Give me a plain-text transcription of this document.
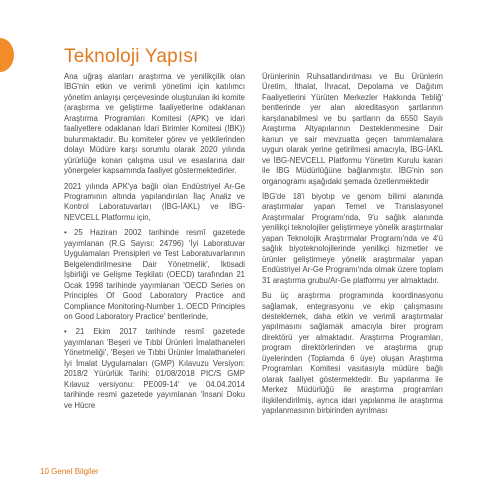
Teknoloji Yapısı

Ana uğraş alanları araştırma ve yenilikçilik olan İBG'nin etkin ve verimli yönetimi için katılımcı yönetim anlayışı çerçevesinde oluşturulan iki komite (araştırma ve geliştirme faaliyetlerine odaklanan Araştırma Programları Komitesi (APK) ve idari faaliyetlere odaklanan İdari Birimler Komitesi (İBK)) bulunmaktadır. Bu komiteler görev ve yetkilerinden dolayı Müdüre karşı sorumlu olarak 2020 yılında yürürlüğe konan çalışma usul ve esaslarına dair yönergeler kapsamında faaliyet göstermektedirler.

2021 yılında APK'ya bağlı olan Endüstriyel Ar-Ge Programının altında yapılandırılan İlaç Analiz ve Kontrol Laboratuvarları (İBG-İAKL) ve İBG-NEVCELL Platformu için,

• 25 Haziran 2002 tarihinde resmî gazetede yayımlanan (R.G Sayısı: 24796) 'İyi Laboratuvar Uygulamaları Prensipleri ve Test Laboratuvarlarının Belgelendirilmesine Dair Yönetmelik', İktisadi İşbirliği ve Gelişme Teşkilatı (OECD) tarafından 21 Ocak 1998 tarihinde yayımlanan 'OECD Series on Principles Of Good Laboratory Practice and Compliance Monitoring-Number 1. OECD Principles on Good Laboratory Practice' bentlerinde,

• 21 Ekim 2017 tarihinde resmî gazetede yayımlanan 'Beşeri ve Tıbbi Ürünleri İmalathaneleri Yönetmeliği', 'Beşeri ve Tıbbi Ürünler İmalathaneleri İyi İmalat Uygulamaları (GMP) Kılavuzu Versiyon: 2018/2 Yürürlük Tarihi: 01/08/2018 PIC/S GMP Kılavuz versiyonu: PE009-14' ve 04.04.2014 tarihinde resmi gazetede yayımlanan 'İnsani Doku ve Hücre

Ürünlerinin Ruhsatlandırılması ve Bu Ürünlerin Üretim, İthalat, İhracat, Depolama ve Dağıtım Faaliyetlerini Yürüten Merkezler Hakkında Tebliğ' bentlerinde yer alan akreditasyon şartlarının karşılanabilmesi ve bu şartların da 6550 Sayılı Araştırma Altyapılarının Desteklenmesine Dair kanun ve sair mevzuatta geçen tanımlamalara uygun olarak yerine getirilmesi amacıyla, İBG-İAKL ve İBG-NEVCELL Platformu Yönetim Kurulu kararı ile İBG Müdürlüğüne bağlanmıştır. İBG'nin son organogramı aşağıdaki şemada özetlenmektedir

İBG'de 18'i biyotıp ve genom bilimi alanında araştırmalar yapan Temel ve Translasyonel Araştırmalar Programı'nda, 9'u sağlık alanında yenilikçi teknolojiler geliştirmeye yönelik araştırmalar yapan Teknolojik Araştırmalar Programı'nda ve 4'ü sağlık biyoteknolojilerinde yenilikçi hizmetler ve ürünler geliştirmeye yönelik araştırmalar yapan Endüstriyel Ar-Ge Programı'nda olmak üzere toplam 31 araştırma grubu/Ar-Ge platformu yer almaktadır.

Bu üç araştırma programında koordinasyonu sağlamak, entegrasyonu ve ekip çalışmasını desteklemek, daha etkin ve verimli araştırmalar yapılmasını sağlamak amacıyla birer program direktörü yer almaktadır. Araştırma Programları, program direktörlerinden ve araştırma grup üyelerinden (Toplamda 6 üye) oluşan Araştırma Programları Komitesi vasıtasıyla müdüre bağlı olarak faaliyet göstermektedir. Bu yapılanma ile Merkez Müdürlüğü ile araştırma programları ilişkilendirilmiş, ayrıca idari yapılanma ile araştırma yapılanmasının birbirinden ayrılması

10 Genel Bilgiler
